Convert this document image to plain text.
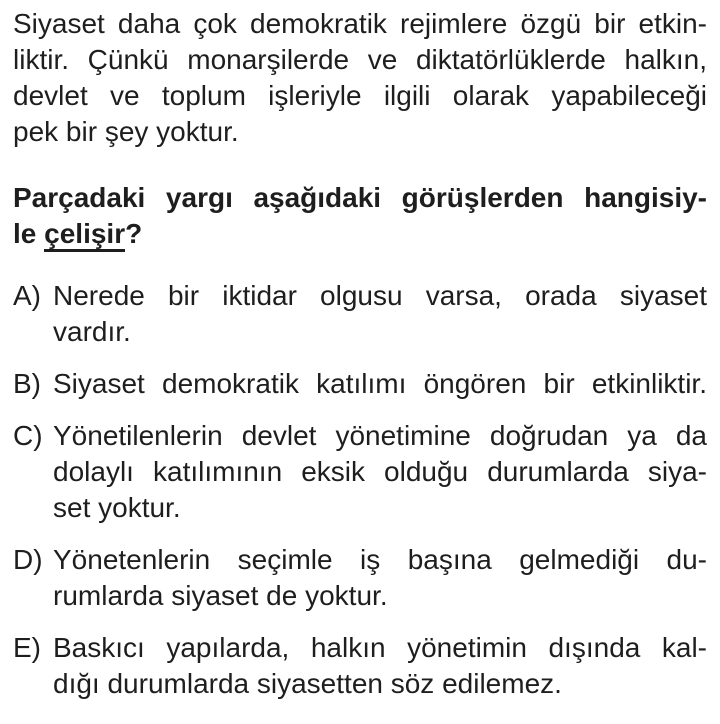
Siyaset daha çok demokratik rejimlere özgü bir etkin-
liktir. Çünkü monarşilerde ve diktatörlüklerde halkın,
devlet ve toplum işleriyle ilgili olarak yapabileceği
pek bir şey yoktur.
Parçadaki yargı aşağıdaki görüşlerden hangisiy-
le çelişir?
A) Nerede bir iktidar olgusu varsa, orada siyaset
vardır.
B) Siyaset demokratik katılımı öngören bir etkinliktir.
C) Yönetilenlerin devlet yönetimine doğrudan ya da
dolaylı katılımının eksik olduğu durumlarda siya-
set yoktur.
D) Yönetenlerin seçimle iş başına gelmediği du-
rumlarda siyaset de yoktur.
E) Baskıcı yapılarda, halkın yönetimin dışında kal-
dığı durumlarda siyasetten söz edilemez.
